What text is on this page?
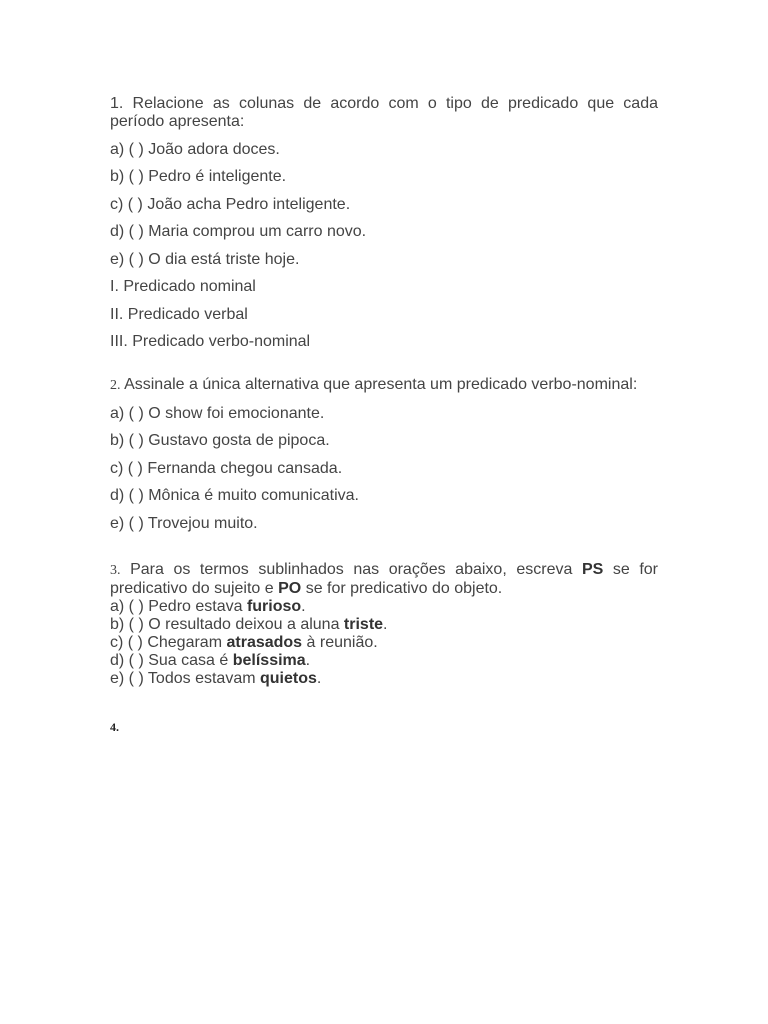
1. Relacione as colunas de acordo com o tipo de predicado que cada período apresenta:

a) ( ) João adora doces.

b) ( ) Pedro é inteligente.

c) ( ) João acha Pedro inteligente.

d) ( ) Maria comprou um carro novo.

e) ( ) O dia está triste hoje.

I. Predicado nominal

II. Predicado verbal

III. Predicado verbo-nominal

2. Assinale a única alternativa que apresenta um predicado verbo-nominal:

a) ( ) O show foi emocionante.

b) ( ) Gustavo gosta de pipoca.

c) ( ) Fernanda chegou cansada.

d) ( ) Mônica é muito comunicativa.

e) ( ) Trovejou muito.

3. Para os termos sublinhados nas orações abaixo, escreva PS se for predicativo do sujeito e PO se for predicativo do objeto.

a) ( ) Pedro estava furioso.

b) ( ) O resultado deixou a aluna triste.

c) ( ) Chegaram atrasados à reunião.

d) ( ) Sua casa é belíssima.

e) ( ) Todos estavam quietos.

4.
